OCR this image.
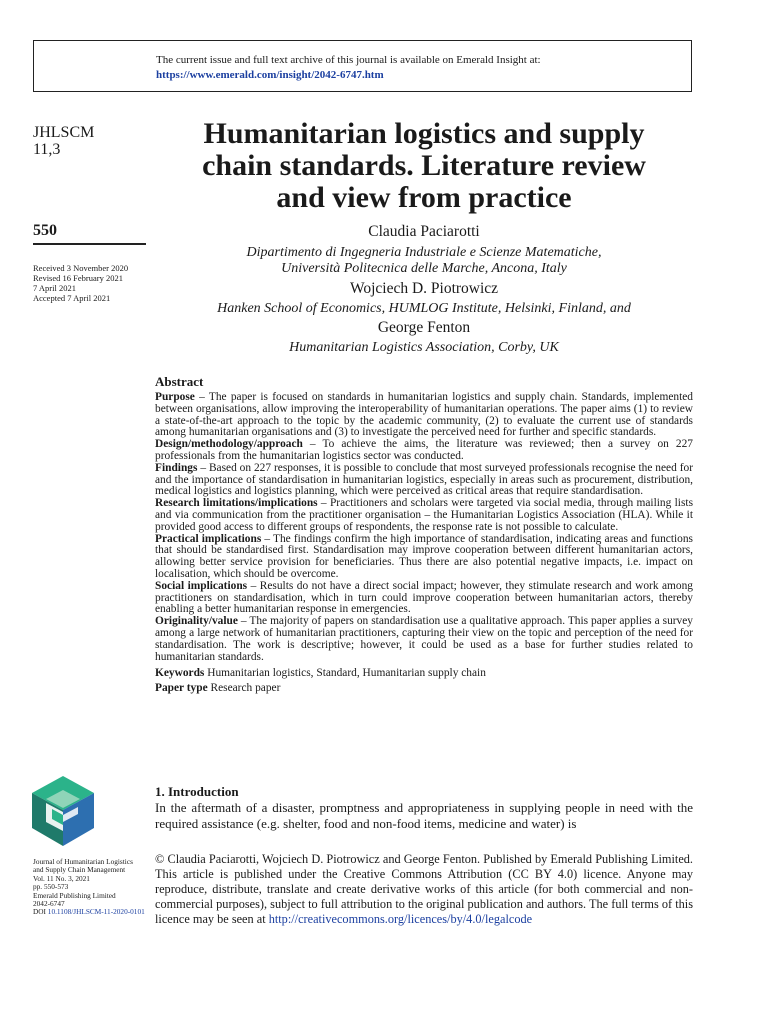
The current issue and full text archive of this journal is available on Emerald Insight at:
https://www.emerald.com/insight/2042-6747.htm
JHLSCM
11,3
550
Received 3 November 2020
Revised 16 February 2021
7 April 2021
Accepted 7 April 2021
Humanitarian logistics and supply
chain standards. Literature review
and view from practice
Claudia Paciarotti
Dipartimento di Ingegneria Industriale e Scienze Matematiche,
Università Politecnica delle Marche, Ancona, Italy
Wojciech D. Piotrowicz
Hanken School of Economics, HUMLOG Institute, Helsinki, Finland, and
George Fenton
Humanitarian Logistics Association, Corby, UK
Abstract

Purpose – The paper is focused on standards in humanitarian logistics and supply chain. Standards, implemented between organisations, allow improving the interoperability of humanitarian operations. The paper aims (1) to review a state-of-the-art approach to the topic by the academic community, (2) to evaluate the current use of standards among humanitarian organisations and (3) to investigate the perceived need for further and specific standards.

Design/methodology/approach – To achieve the aims, the literature was reviewed; then a survey on 227 professionals from the humanitarian logistics sector was conducted.

Findings – Based on 227 responses, it is possible to conclude that most surveyed professionals recognise the need for and the importance of standardisation in humanitarian logistics, especially in areas such as procurement, distribution, medical logistics and logistics planning, which were perceived as critical areas that require standardisation.

Research limitations/implications – Practitioners and scholars were targeted via social media, through mailing lists and via communication from the practitioner organisation – the Humanitarian Logistics Association (HLA). While it provided good access to different groups of respondents, the response rate is not possible to calculate.

Practical implications – The findings confirm the high importance of standardisation, indicating areas and functions that should be standardised first. Standardisation may improve cooperation between different humanitarian actors, allowing better service provision for beneficiaries. Thus there are also potential negative impacts, i.e. impact on localisation, which should be overcome.

Social implications – Results do not have a direct social impact; however, they stimulate research and work among practitioners on standardisation, which in turn could improve cooperation between humanitarian actors, thereby enabling a better humanitarian response in emergencies.

Originality/value – The majority of papers on standardisation use a qualitative approach. This paper applies a survey among a large network of humanitarian practitioners, capturing their view on the topic and perception of the need for standardisation. The work is descriptive; however, it could be used as a base for further studies related to humanitarian standards.

Keywords Humanitarian logistics, Standard, Humanitarian supply chain

Paper type Research paper

1. Introduction
In the aftermath of a disaster, promptness and appropriateness in supplying people in need with the required assistance (e.g. shelter, food and non-food items, medicine and water) is
© Claudia Paciarotti, Wojciech D. Piotrowicz and George Fenton. Published by Emerald Publishing Limited. This article is published under the Creative Commons Attribution (CC BY 4.0) licence. Anyone may reproduce, distribute, translate and create derivative works of this article (for both commercial and non-commercial purposes), subject to full attribution to the original publication and authors. The full terms of this licence may be seen at http://creativecommons.org/licences/by/4.0/legalcode
Journal of Humanitarian Logistics
and Supply Chain Management
Vol. 11 No. 3, 2021
pp. 550-573
Emerald Publishing Limited
2042-6747
DOI 10.1108/JHLSCM-11-2020-0101
